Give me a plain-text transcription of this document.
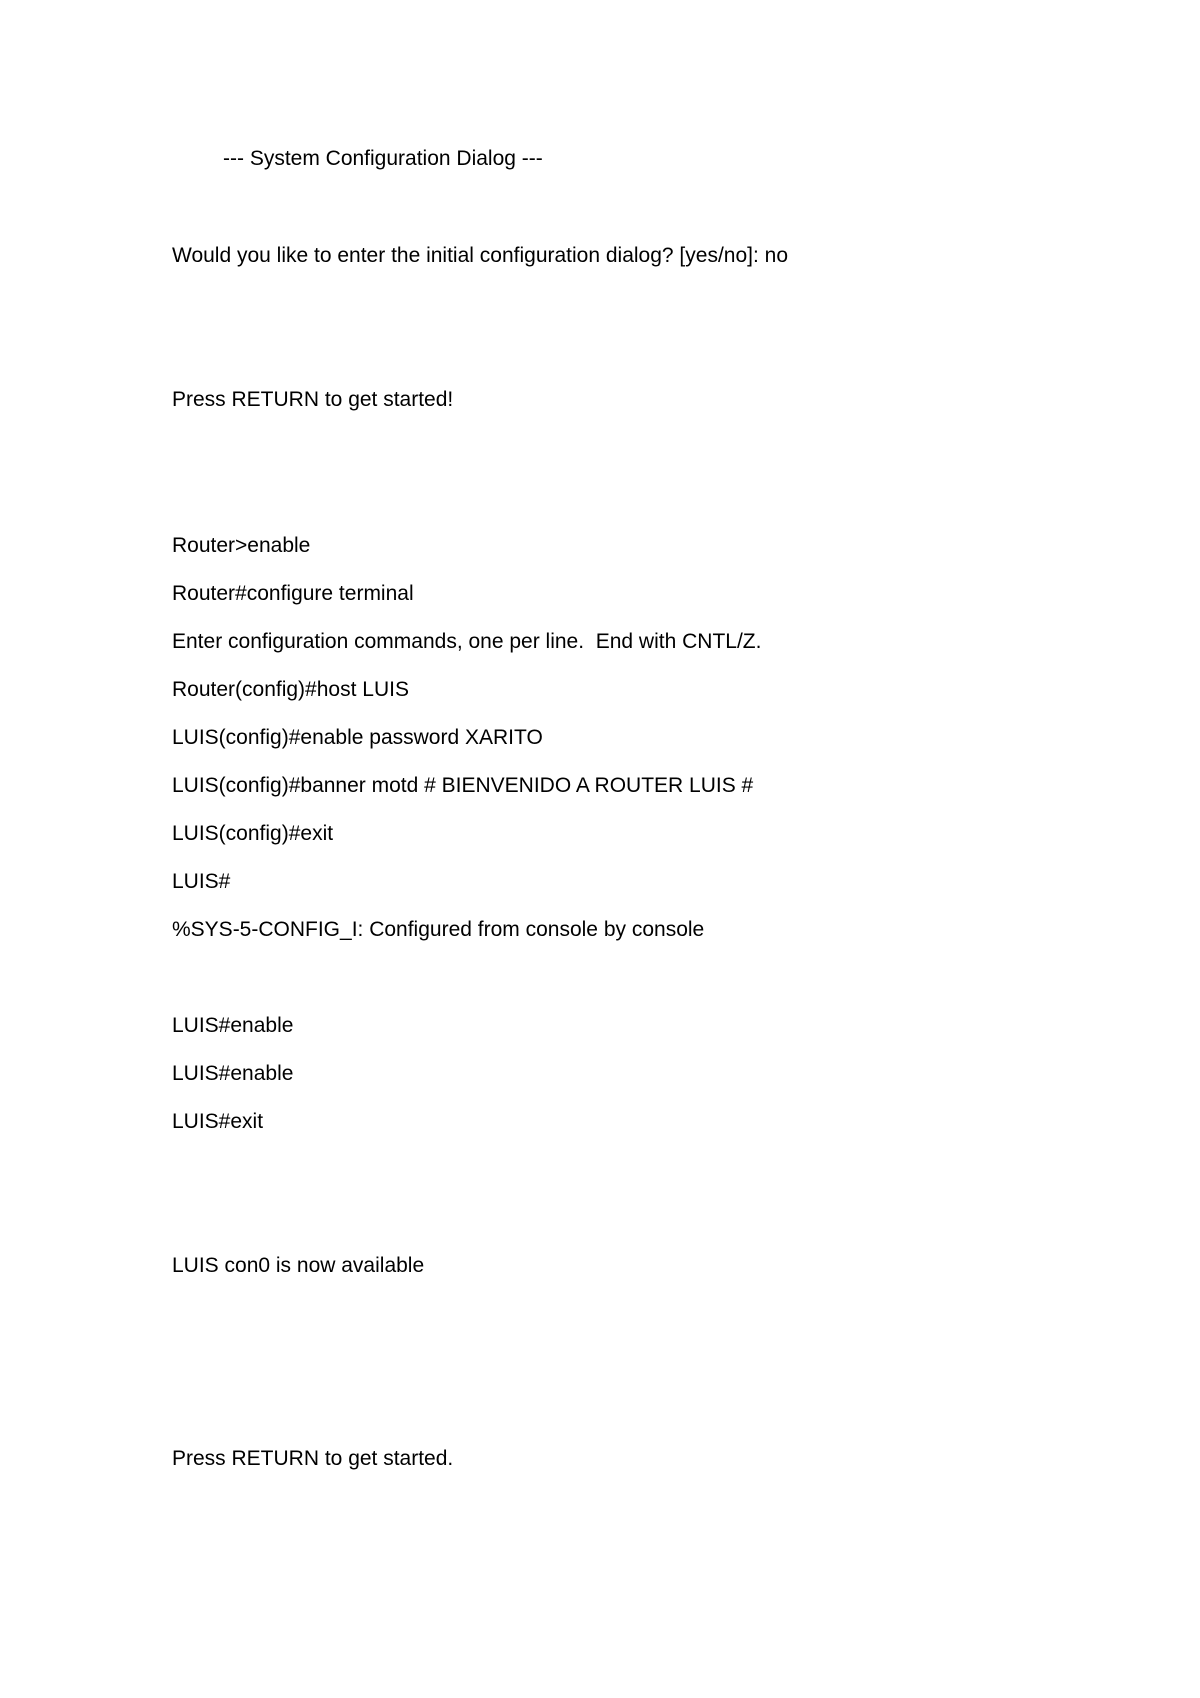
--- System Configuration Dialog ---
Would you like to enter the initial configuration dialog? [yes/no]: no
Press RETURN to get started!
Router>enable
Router#configure terminal
Enter configuration commands, one per line.  End with CNTL/Z.
Router(config)#host LUIS
LUIS(config)#enable password XARITO
LUIS(config)#banner motd # BIENVENIDO A ROUTER LUIS #
LUIS(config)#exit
LUIS#
%SYS-5-CONFIG_I: Configured from console by console
LUIS#enable
LUIS#enable
LUIS#exit
LUIS con0 is now available
Press RETURN to get started.
